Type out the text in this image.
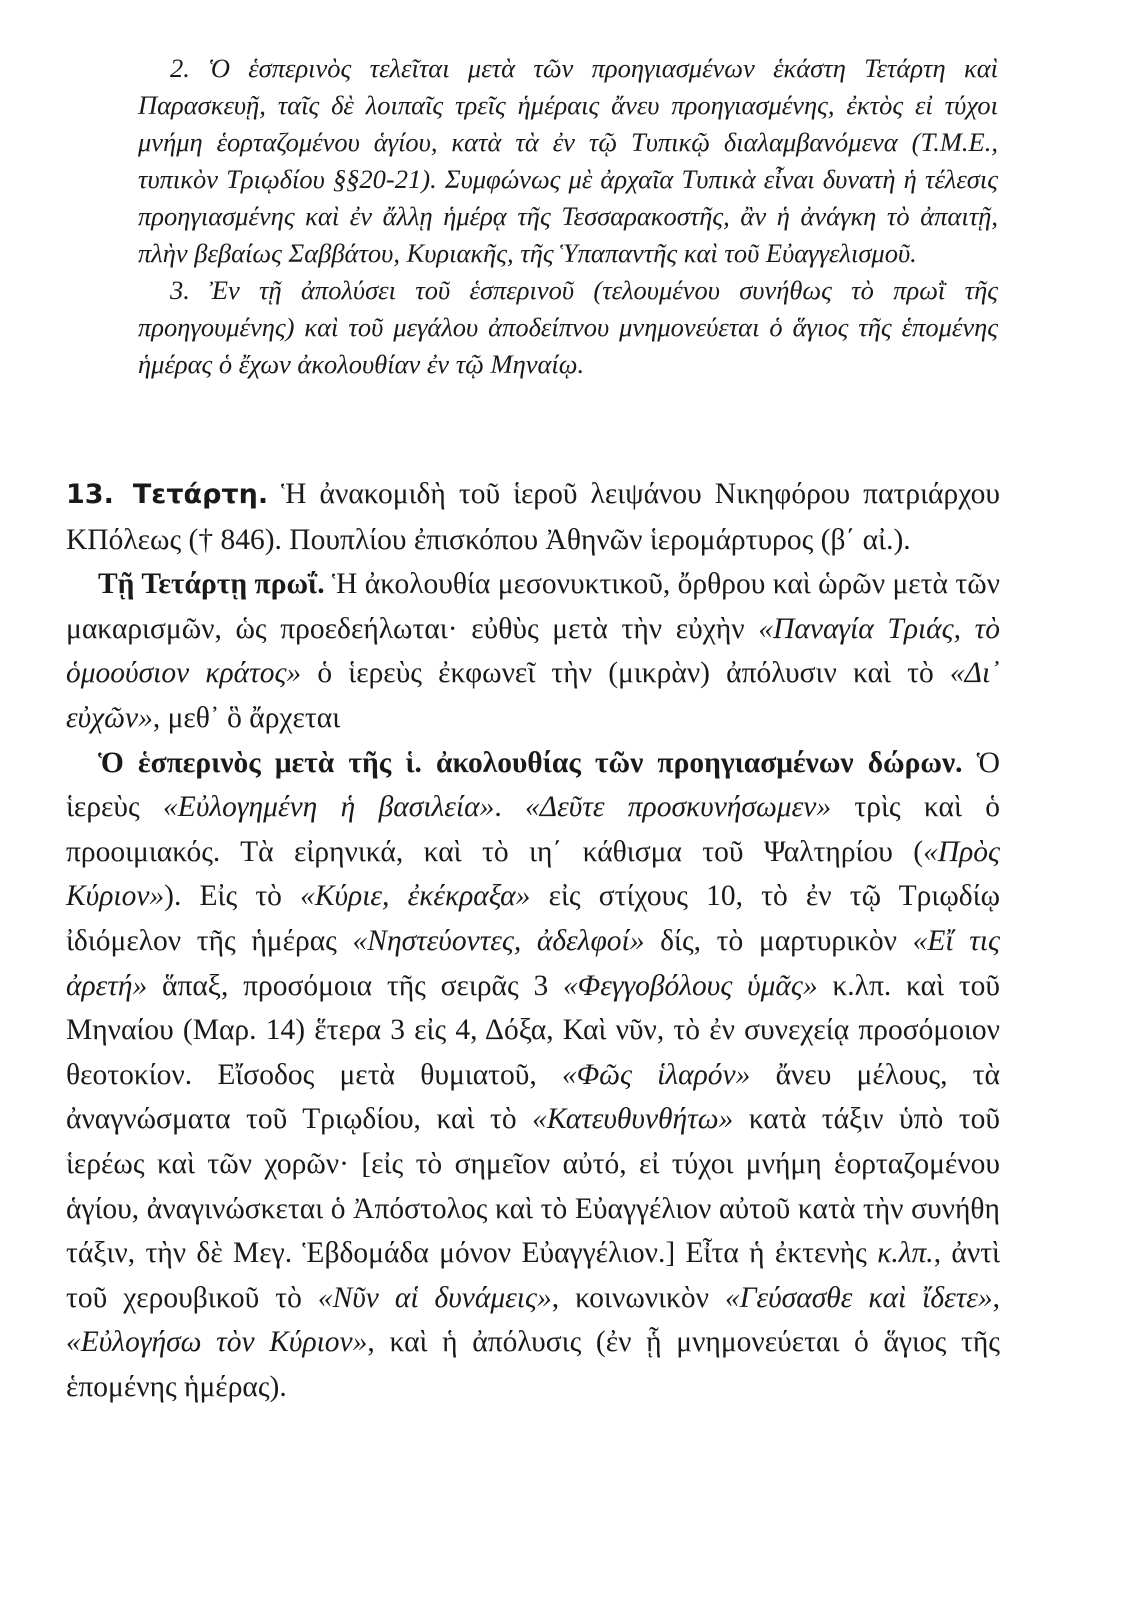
2. Ὁ ἑσπερινὸς τελεῖται μετὰ τῶν προηγιασμένων ἑκάστη Τετάρτη καὶ Παρασκευῇ, ταῖς δὲ λοιπαῖς τρεῖς ἡμέραις ἄνευ προηγιασμένης, ἐκτὸς εἰ τύχοι μνήμη ἑορταζομένου ἁγίου, κατὰ τὰ ἐν τῷ Τυπικῷ διαλαμβανόμενα (Τ.Μ.Ε., τυπικὸν Τριῳδίου §§20-21). Συμφώνως μὲ ἀρχαῖα Τυπικὰ εἶναι δυνατὴ ἡ τέλεσις προηγιασμένης καὶ ἐν ἄλλῃ ἡμέρᾳ τῆς Τεσσαρακοστῆς, ἂν ἡ ἀνάγκη τὸ ἀπαιτῇ, πλὴν βεβαίως Σαββάτου, Κυριακῆς, τῆς Ὑπαπαντῆς καὶ τοῦ Εὐαγγελισμοῦ.

3. Ἐν τῇ ἀπολύσει τοῦ ἑσπερινοῦ (τελουμένου συνήθως τὸ πρωῒ τῆς προηγουμένης) καὶ τοῦ μεγάλου ἀποδείπνου μνημονεύεται ὁ ἅγιος τῆς ἑπομένης ἡμέρας ὁ ἔχων ἀκολουθίαν ἐν τῷ Μηναίῳ.

13. Τετάρτη. Ἡ ἀνακομιδὴ τοῦ ἱεροῦ λειψάνου Νικηφόρου πατριάρχου ΚΠόλεως († 846). Πουπλίου ἐπισκόπου Ἀθηνῶν ἱερομάρτυρος (β΄ αἰ.).

Τῇ Τετάρτῃ πρωΐ. Ἡ ἀκολουθία μεσονυκτικοῦ, ὄρθρου καὶ ὡρῶν μετὰ τῶν μακαρισμῶν, ὡς προεδεήλωται· εὐθὺς μετὰ τὴν εὐχὴν «Παναγία Τριάς, τὸ ὁμοούσιον κράτος» ὁ ἱερεὺς ἐκφωνεῖ τὴν (μικρὰν) ἀπόλυσιν καὶ τὸ «Δι᾿ εὐχῶν», μεθ᾿ ὃ ἄρχεται

Ὁ ἑσπερινὸς μετὰ τῆς ἱ. ἀκολουθίας τῶν προηγιασμένων δώρων. Ὁ ἱερεὺς «Εὐλογημένη ἡ βασιλεία». «Δεῦτε προσκυνήσωμεν» τρὶς καὶ ὁ προοιμιακός. Τὰ εἰρηνικά, καὶ τὸ ιη΄ κάθισμα τοῦ Ψαλτηρίου («Πρὸς Κύριον»). Εἰς τὸ «Κύριε, ἐκέκραξα» εἰς στίχους 10, τὸ ἐν τῷ Τριῳδίῳ ἰδιόμελον τῆς ἡμέρας «Νηστεύοντες, ἀδελφοί» δίς, τὸ μαρτυρικὸν «Εἴ τις ἀρετή» ἅπαξ, προσόμοια τῆς σειρᾶς 3 «Φεγγοβόλους ὑμᾶς» κ.λπ. καὶ τοῦ Μηναίου (Μαρ. 14) ἕτερα 3 εἰς 4, Δόξα, Καὶ νῦν, τὸ ἐν συνεχείᾳ προσόμοιον θεοτοκίον. Εἴσοδος μετὰ θυμιατοῦ, «Φῶς ἱλαρόν» ἄνευ μέλους, τὰ ἀναγνώσματα τοῦ Τριῳδίου, καὶ τὸ «Κατευθυνθήτω» κατὰ τάξιν ὑπὸ τοῦ ἱερέως καὶ τῶν χορῶν· [εἰς τὸ σημεῖον αὐτό, εἰ τύχοι μνήμη ἑορταζομένου ἁγίου, ἀναγινώσκεται ὁ Ἀπόστολος καὶ τὸ Εὐαγγέλιον αὐτοῦ κατὰ τὴν συνήθη τάξιν, τὴν δὲ Μεγ. Ἑβδομάδα μόνον Εὐαγγέλιον.] Εἶτα ἡ ἐκτενὴς κ.λπ., ἀντὶ τοῦ χερουβικοῦ τὸ «Νῦν αἱ δυνάμεις», κοινωνικὸν «Γεύσασθε καὶ ἴδετε», «Εὐλογήσω τὸν Κύριον», καὶ ἡ ἀπόλυσις (ἐν ᾗ μνημονεύεται ὁ ἅγιος τῆς ἑπομένης ἡμέρας).
